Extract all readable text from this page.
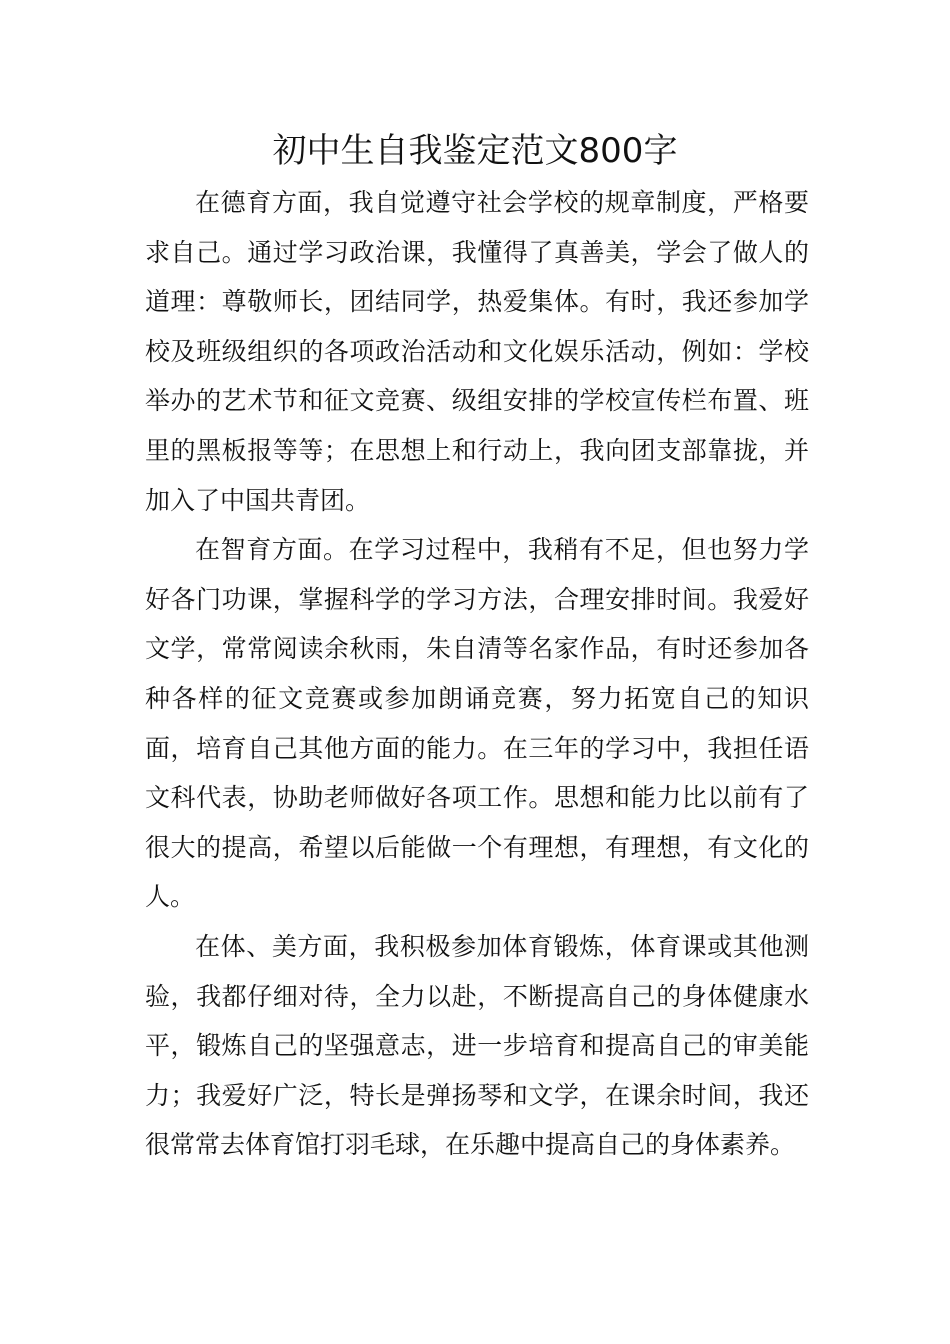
初中生自我鉴定范文800字

在德育方面，我自觉遵守社会学校的规章制度，严格要求自己。通过学习政治课，我懂得了真善美，学会了做人的道理：尊敬师长，团结同学，热爱集体。有时，我还参加学校及班级组织的各项政治活动和文化娱乐活动，例如：学校举办的艺术节和征文竞赛、级组安排的学校宣传栏布置、班里的黑板报等等；在思想上和行动上，我向团支部靠拢，并加入了中国共青团。

在智育方面。在学习过程中，我稍有不足，但也努力学好各门功课，掌握科学的学习方法，合理安排时间。我爱好文学，常常阅读余秋雨，朱自清等名家作品，有时还参加各种各样的征文竞赛或参加朗诵竞赛，努力拓宽自己的知识面，培育自己其他方面的能力。在三年的学习中，我担任语文科代表，协助老师做好各项工作。思想和能力比以前有了很大的提高，希望以后能做一个有理想，有理想，有文化的人。

在体、美方面，我积极参加体育锻炼，体育课或其他测验，我都仔细对待，全力以赴，不断提高自己的身体健康水平，锻炼自己的坚强意志，进一步培育和提高自己的审美能力；我爱好广泛，特长是弹扬琴和文学，在课余时间，我还很常常去体育馆打羽毛球，在乐趣中提高自己的身体素养。
